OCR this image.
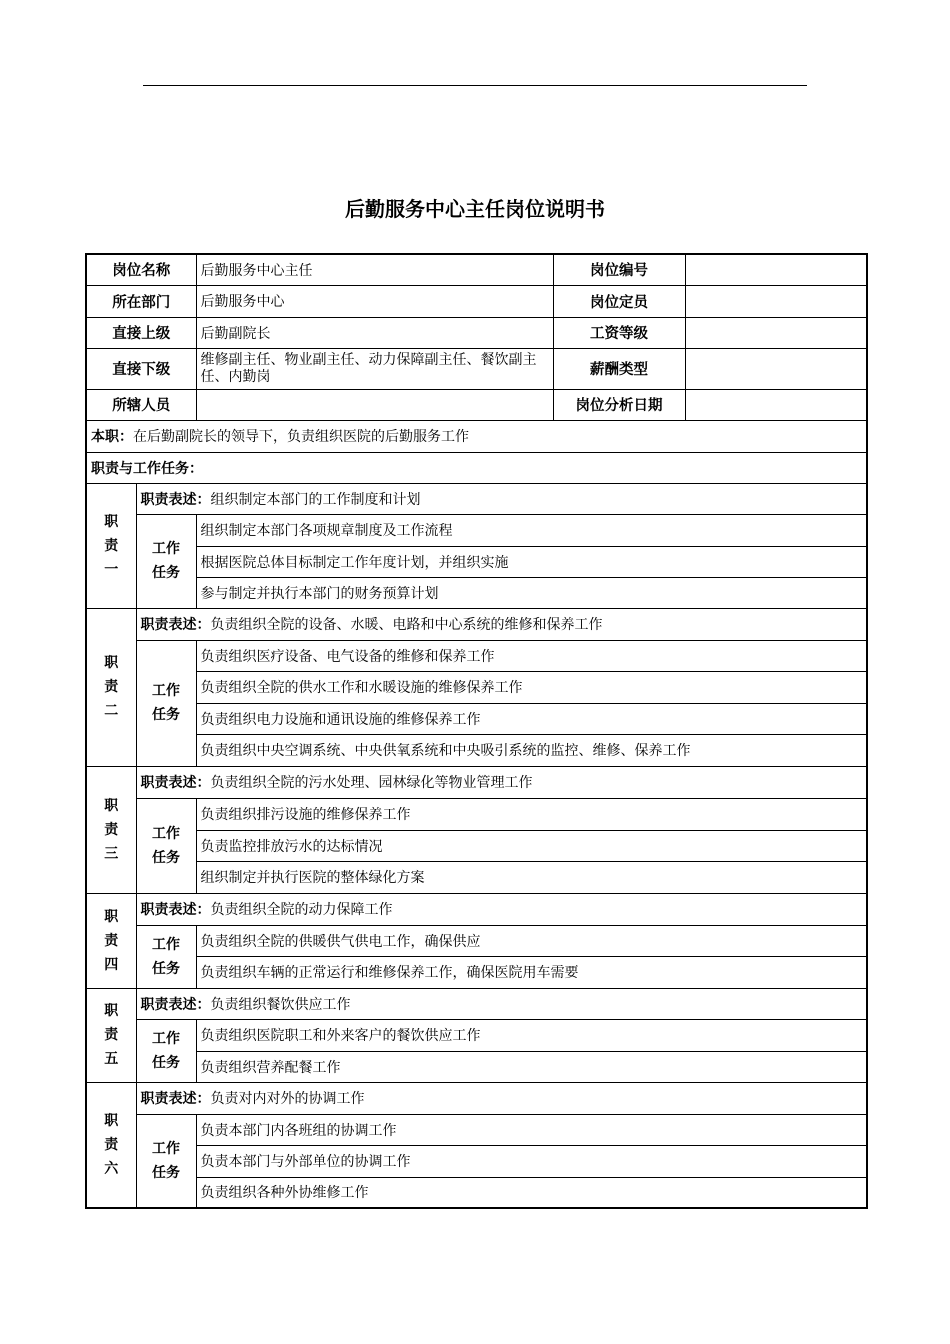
后勤服务中心主任岗位说明书
岗位名称		后勤服务中心主任	岗位编号	
所在部门		后勤服务中心	岗位定员	
直接上级		后勤副院长	工资等级	
直接下级		维修副主任、物业副主任、动力保障副主任、餐饮副主任、内勤岗	薪酬类型	
所辖人员			岗位分析日期	
本职：在后勤副院长的领导下，负责组织医院的后勤服务工作				
职责与工作任务：				

职
责
一	职责表述：组织制定本部门的工作制度和计划			

	工作
任务	组织制定本部门各项规章制度及工作流程		
		根据医院总体目标制定工作年度计划，并组织实施		
		参与制定并执行本部门的财务预算计划		

职
责
二	职责表述：负责组织全院的设备、水暖、电路和中心系统的维修和保养工作			

	工作
任务	负责组织医疗设备、电气设备的维修和保养工作		
		负责组织全院的供水工作和水暖设施的维修保养工作		
		负责组织电力设施和通讯设施的维修保养工作		
		负责组织中央空调系统、中央供氧系统和中央吸引系统的监控、维修、保养工作		

职
责
三	职责表述：负责组织全院的污水处理、园林绿化等物业管理工作			

	工作
任务	负责组织排污设施的维修保养工作		
		负责监控排放污水的达标情况		
		组织制定并执行医院的整体绿化方案		

职
责
四	职责表述：负责组织全院的动力保障工作			

	工作
任务	负责组织全院的供暖供气供电工作，确保供应		
		负责组织车辆的正常运行和维修保养工作，确保医院用车需要		

职
责
五	职责表述：负责组织餐饮供应工作			

	工作
任务	负责组织医院职工和外来客户的餐饮供应工作		
		负责组织营养配餐工作		

职
责
六	职责表述：负责对内对外的协调工作			

	工作
任务	负责本部门内各班组的协调工作		
		负责本部门与外部单位的协调工作		
		负责组织各种外协维修工作		
